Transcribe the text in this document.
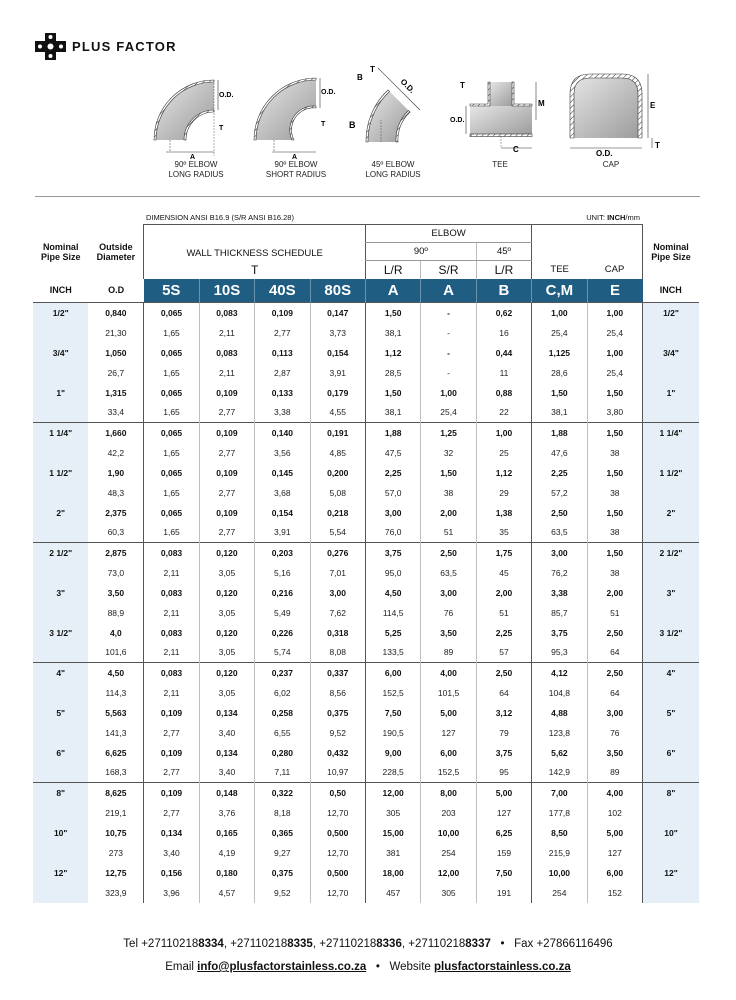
PLUS FACTOR
A
O.D.
T
90º ELBOW
LONG RADIUS
A
O.D.
T
90º ELBOW
SHORT RADIUS
B
T
O.D.
B
45º ELBOW
LONG RADIUS
T
M
O.D.
C
TEE
E
O.D.
T
CAP
DIMENSION ANSI B16.9 (S/R ANSI B16.28)	UNIT: INCH/mm
Nominal Pipe Size	Outside Diameter	WALL THICKNESS SCHEDULE				ELBOW					Nominal Pipe Size
						90º		45º			
		T				L/R	S/R	L/R	TEE	CAP	
INCH	O.D	5S	10S	40S	80S	A	A	B	C,M	E	INCH
1/2"	0,840	0,065	0,083	0,109	0,147	1,50	-	0,62	1,00	1,00	1/2"
	21,30	1,65	2,11	2,77	3,73	38,1	-	16	25,4	25,4	
3/4"	1,050	0,065	0,083	0,113	0,154	1,12	-	0,44	1,125	1,00	3/4"
	26,7	1,65	2,11	2,87	3,91	28,5	-	11	28,6	25,4	
1"	1,315	0,065	0,109	0,133	0,179	1,50	1,00	0,88	1,50	1,50	1"
	33,4	1,65	2,77	3,38	4,55	38,1	25,4	22	38,1	3,80	
1 1/4"	1,660	0,065	0,109	0,140	0,191	1,88	1,25	1,00	1,88	1,50	1 1/4"
	42,2	1,65	2,77	3,56	4,85	47,5	32	25	47,6	38	
1 1/2"	1,90	0,065	0,109	0,145	0,200	2,25	1,50	1,12	2,25	1,50	1 1/2"
	48,3	1,65	2,77	3,68	5,08	57,0	38	29	57,2	38	
2"	2,375	0,065	0,109	0,154	0,218	3,00	2,00	1,38	2,50	1,50	2"
	60,3	1,65	2,77	3,91	5,54	76,0	51	35	63,5	38	
2 1/2"	2,875	0,083	0,120	0,203	0,276	3,75	2,50	1,75	3,00	1,50	2 1/2"
	73,0	2,11	3,05	5,16	7,01	95,0	63,5	45	76,2	38	
3"	3,50	0,083	0,120	0,216	3,00	4,50	3,00	2,00	3,38	2,00	3"
	88,9	2,11	3,05	5,49	7,62	114,5	76	51	85,7	51	
3 1/2"	4,0	0,083	0,120	0,226	0,318	5,25	3,50	2,25	3,75	2,50	3 1/2"
	101,6	2,11	3,05	5,74	8,08	133,5	89	57	95,3	64	
4"	4,50	0,083	0,120	0,237	0,337	6,00	4,00	2,50	4,12	2,50	4"
	114,3	2,11	3,05	6,02	8,56	152,5	101,5	64	104,8	64	
5"	5,563	0,109	0,134	0,258	0,375	7,50	5,00	3,12	4,88	3,00	5"
	141,3	2,77	3,40	6,55	9,52	190,5	127	79	123,8	76	
6"	6,625	0,109	0,134	0,280	0,432	9,00	6,00	3,75	5,62	3,50	6"
	168,3	2,77	3,40	7,11	10,97	228,5	152,5	95	142,9	89	
8"	8,625	0,109	0,148	0,322	0,50	12,00	8,00	5,00	7,00	4,00	8"
	219,1	2,77	3,76	8,18	12,70	305	203	127	177,8	102	
10"	10,75	0,134	0,165	0,365	0,500	15,00	10,00	6,25	8,50	5,00	10"
	273	3,40	4,19	9,27	12,70	381	254	159	215,9	127	
12"	12,75	0,156	0,180	0,375	0,500	18,00	12,00	7,50	10,00	6,00	12"
	323,9	3,96	4,57	9,52	12,70	457	305	191	254	152	
Tel +271102188334, +271102188335, +271102188336, +271102188337 • Fax +27866116496
Email info@plusfactorstainless.co.za • Website plusfactorstainless.co.za
